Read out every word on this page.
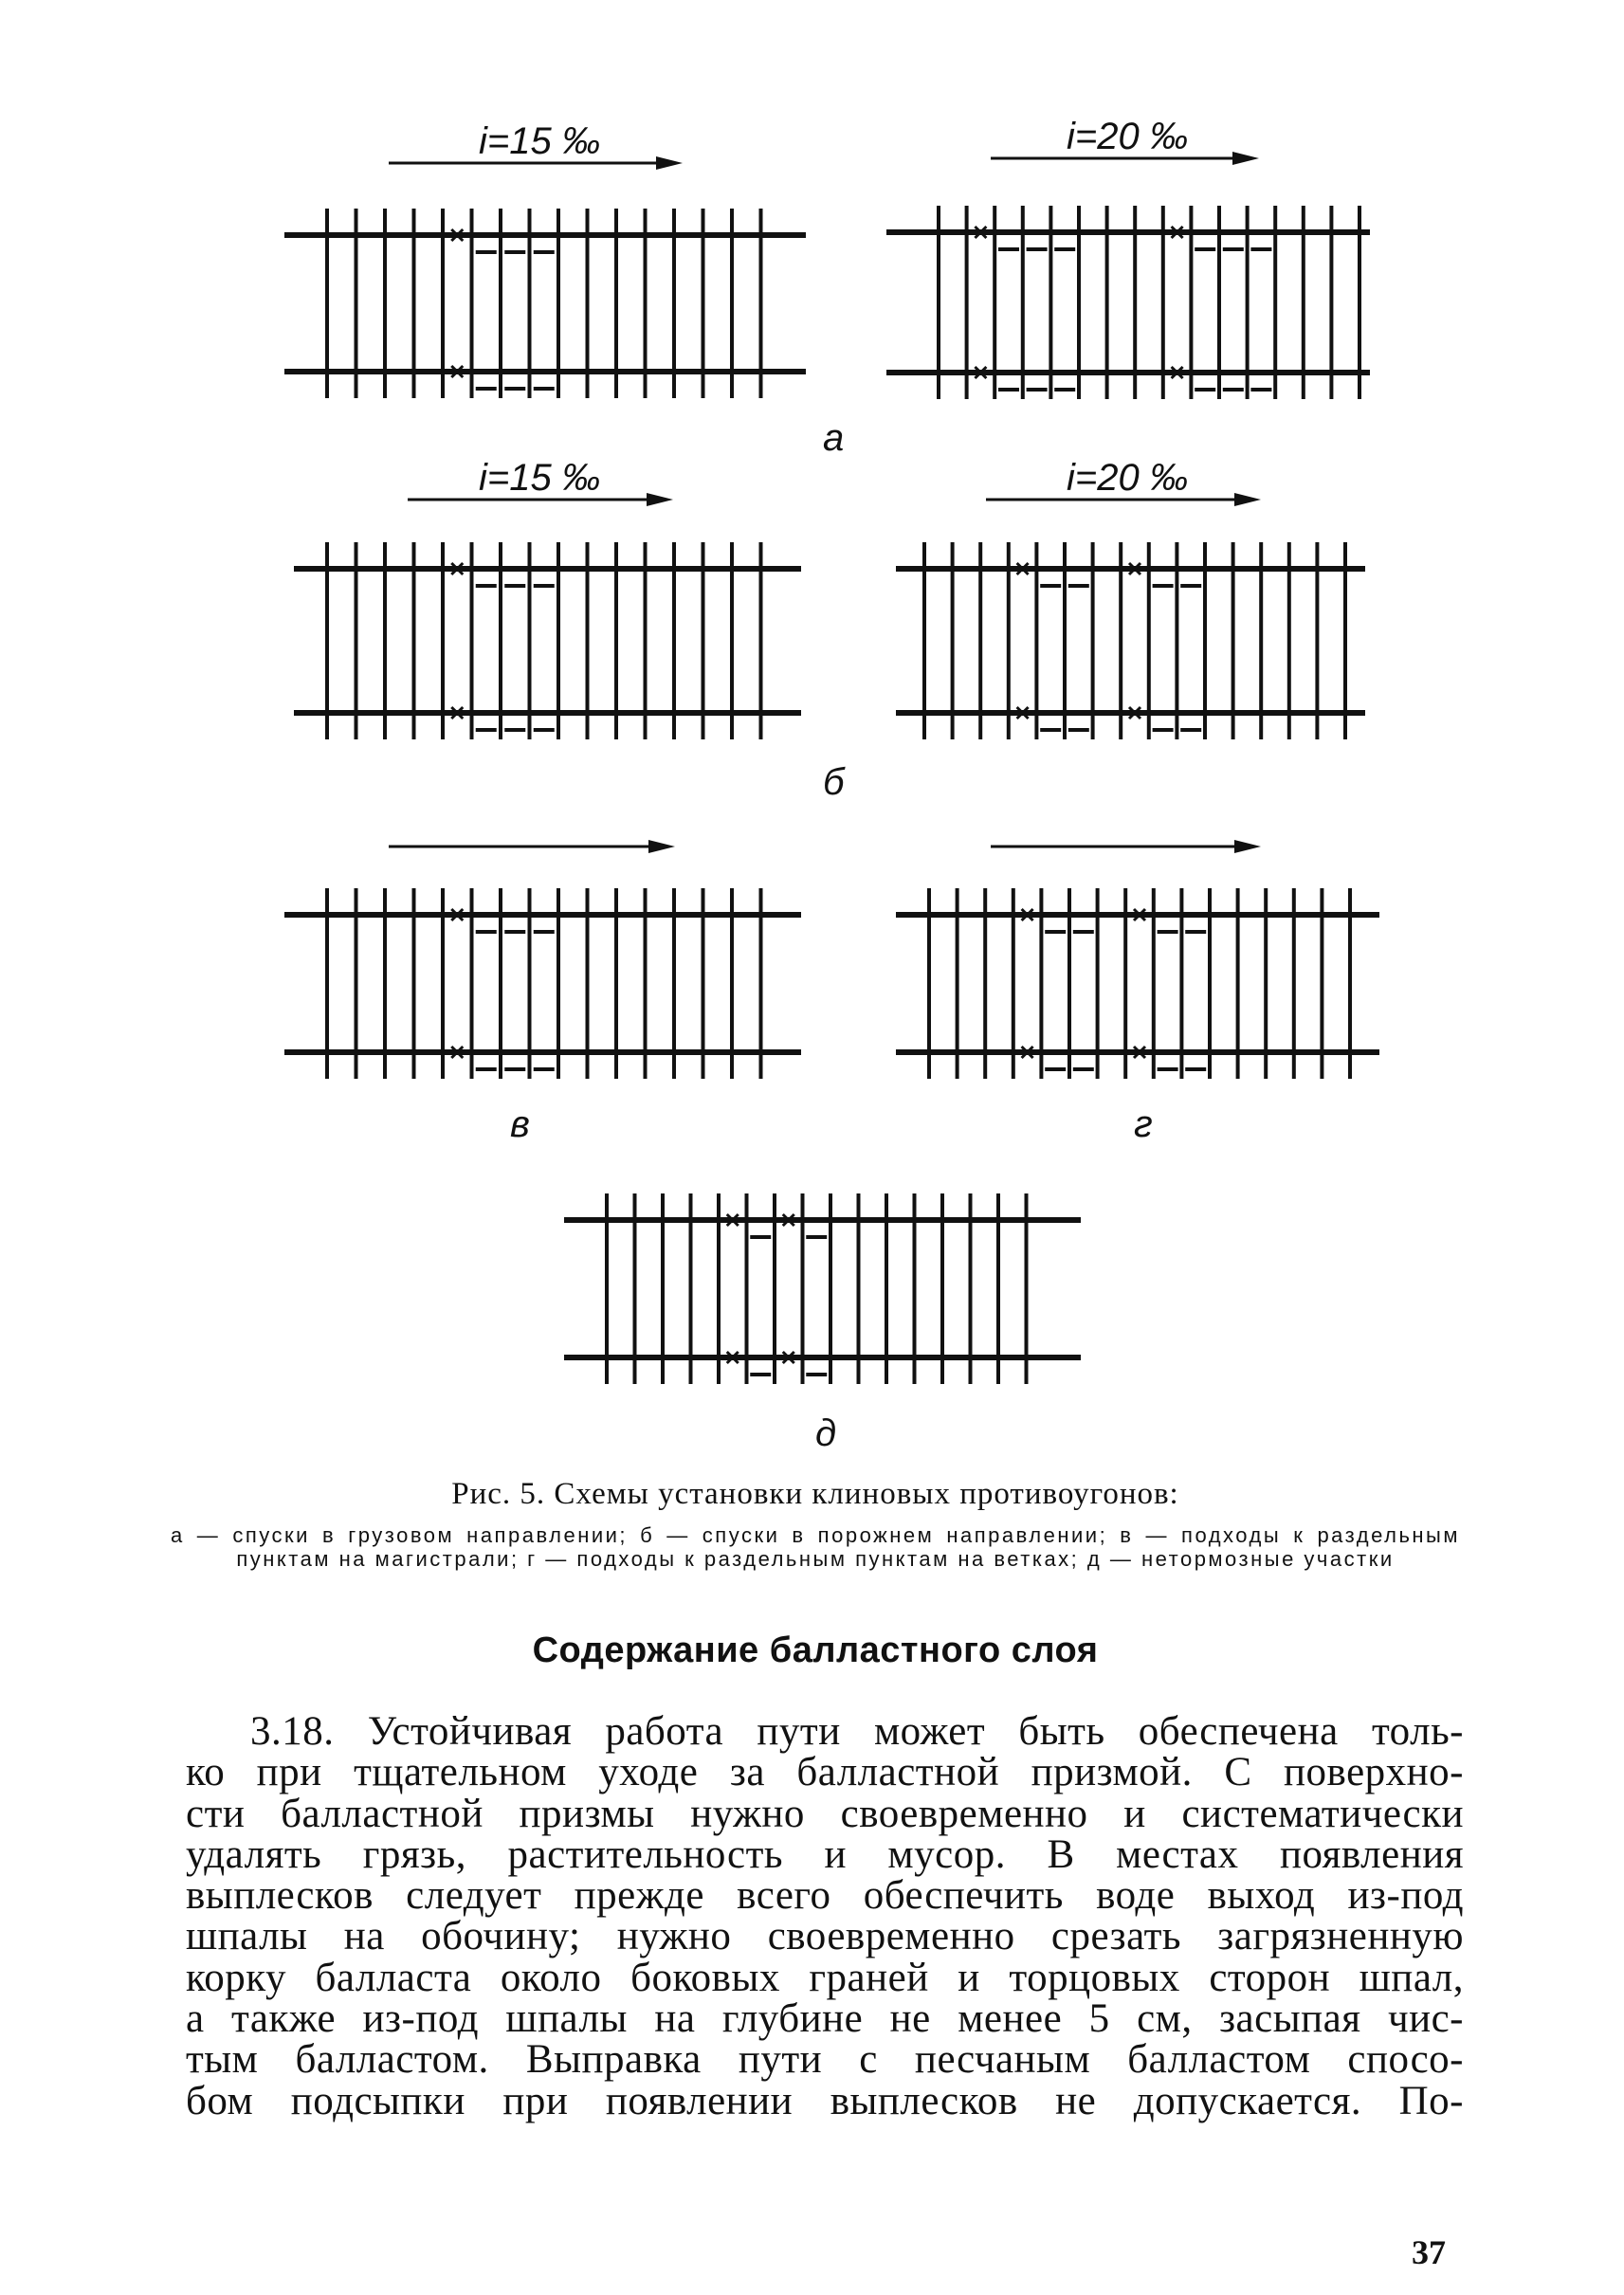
i=15 ‰	i=20 ‰
i=15 ‰	i=20 ‰
а
б
в	г
д
Рис. 5. Схемы установки клиновых противоугонов:
а — спуски в грузовом направлении; б — спуски в порожнем направлении; в — подходы к раздельным пунктам на магистрали; г — подходы к раздельным пунктам на ветках; д — нетормозные участки
Содержание балластного слоя
3.18. Устойчивая работа пути может быть обеспечена толь-
ко при тщательном уходе за балластной призмой. С поверхно-
сти балластной призмы нужно своевременно и систематически
удалять грязь, растительность и мусор. В местах появления
выплесков следует прежде всего обеспечить воде выход из-под
шпалы на обочину; нужно своевременно срезать загрязненную
корку балласта около боковых граней и торцовых сторон шпал,
а также из-под шпалы на глубине не менее 5 см, засыпая чис-
тым балластом. Выправка пути с песчаным балластом спосо-
бом подсыпки при появлении выплесков не допускается. По-
37
